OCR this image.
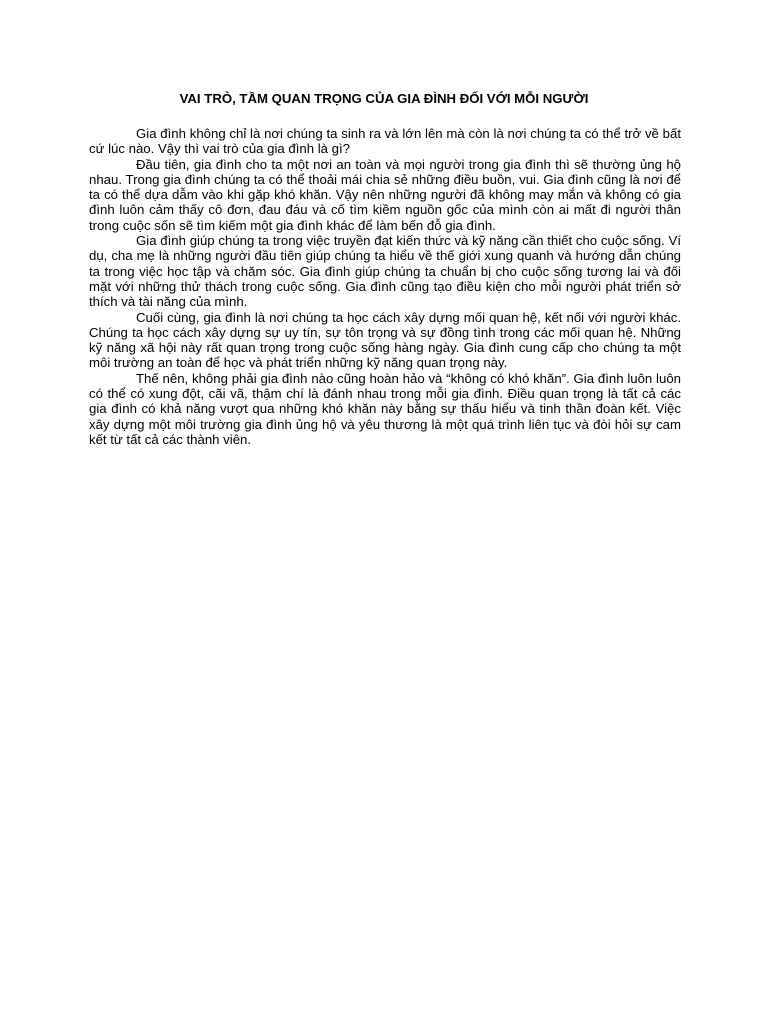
VAI TRÒ, TẦM QUAN TRỌNG CỦA GIA ĐÌNH ĐỐI VỚI MỖI NGƯỜI

Gia đình không chỉ là nơi chúng ta sinh ra và lớn lên mà còn là nơi chúng ta có thể trở về bất cứ lúc nào. Vậy thì vai trò của gia đình là gì?

Đầu tiên, gia đình cho ta một nơi an toàn và mọi người trong gia đình thì sẽ thường ủng hộ nhau. Trong gia đình chúng ta có thể thoải mái chia sẻ những điều buồn, vui. Gia đình cũng là nơi để ta có thể dựa dẫm vào khi gặp khó khăn. Vậy nên những người đã không may mắn và không có gia đình luôn cảm thấy cô đơn, đau đáu và cố tìm kiềm nguồn gốc của mình còn ai mất đi người thân trong cuộc sốn sẽ tìm kiếm một gia đình khác để làm bến đỗ gia đình.

Gia đình giúp chúng ta trong việc truyền đạt kiến thức và kỹ năng cần thiết cho cuộc sống. Ví dụ, cha mẹ là những người đầu tiên giúp chúng ta hiểu về thế giới xung quanh và hướng dẫn chúng ta trong việc học tập và chăm sóc. Gia đình giúp chúng ta chuẩn bị cho cuộc sống tương lai và đối mặt với những thử thách trong cuộc sống. Gia đình cũng tạo điều kiện cho mỗi người phát triển sở thích và tài năng của mình.

Cuối cùng, gia đình là nơi chúng ta học cách xây dựng mối quan hệ, kết nối với người khác. Chúng ta học cách xây dựng sự uy tín, sự tôn trọng và sự đồng tình trong các mối quan hệ. Những kỹ năng xã hội này rất quan trọng trong cuộc sống hàng ngày. Gia đình cung cấp cho chúng ta một môi trường an toàn để học và phát triển những kỹ năng quan trọng này.

Thế nên, không phải gia đình nào cũng hoàn hảo và “không có khó khăn”. Gia đình luôn luôn có thể có xung đột, cãi vã, thậm chí là đánh nhau trong mỗi gia đình. Điều quan trọng là tất cả các gia đình có khả năng vượt qua những khó khăn này bằng sự thấu hiểu và tinh thần đoàn kết. Việc xây dựng một môi trường gia đình ủng hộ và yêu thương là một quá trình liên tục và đòi hỏi sự cam kết từ tất cả các thành viên.
